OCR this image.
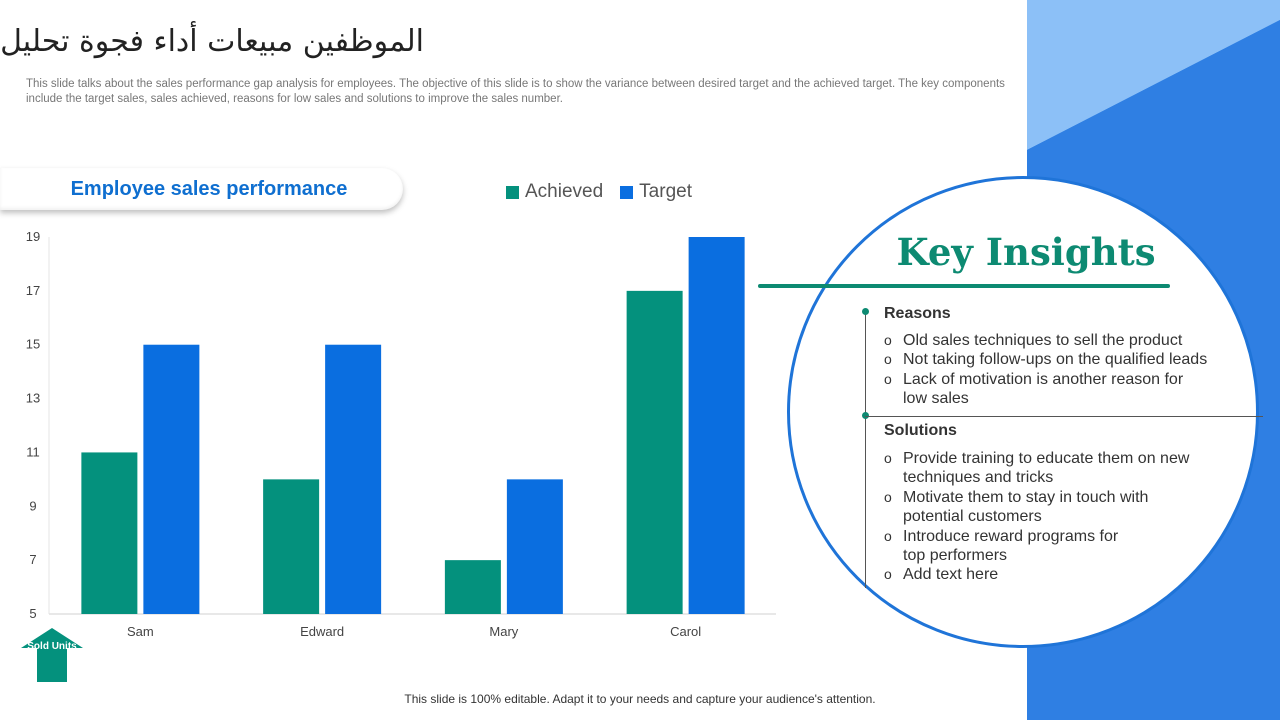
الموظفين مبيعات أداء فجوة تحليل
This slide talks about the sales performance gap analysis for employees. The objective of this slide is to show the variance between desired target and the achieved target. The key components include the target sales, sales achieved, reasons for low sales and solutions to improve the sales number.
Employee sales performance	Achieved Target
5
7
9
11
13
15
17
19
Sam	Edward	Mary	Carol
Sold Units
This slide is 100% editable. Adapt it to your needs and capture your audience's attention.
Key Insights
Reasons
o Old sales techniques to sell the product
o Not taking follow-ups on the qualified leads
o Lack of motivation is another reason for low sales
Solutions
o Provide training to educate them on new techniques and tricks
o Motivate them to stay in touch with potential customers
o Introduce reward programs for top performers
o Add text here
